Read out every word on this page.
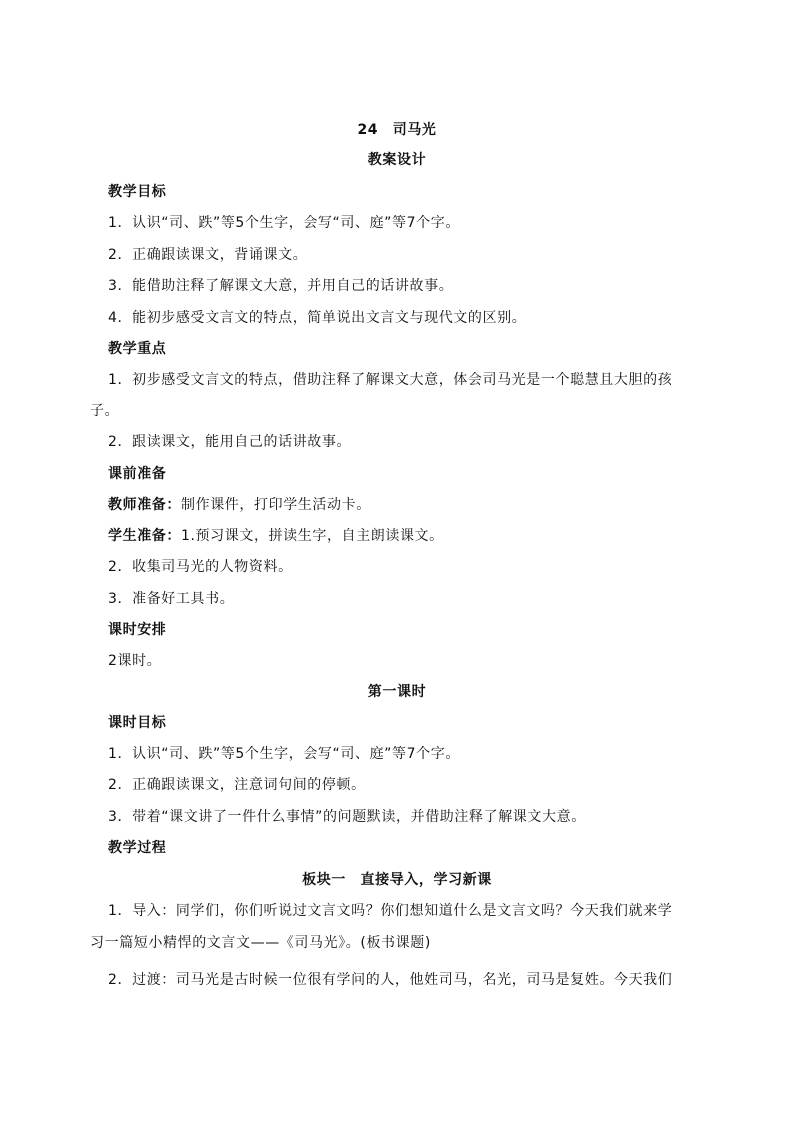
24　司马光
教案设计
教学目标
1．认识“司、跌”等5个生字，会写“司、庭”等7个字。
2．正确跟读课文，背诵课文。
3．能借助注释了解课文大意，并用自己的话讲故事。
4．能初步感受文言文的特点，简单说出文言文与现代文的区别。
教学重点
1．初步感受文言文的特点，借助注释了解课文大意，体会司马光是一个聪慧且大胆的孩
子。
2．跟读课文，能用自己的话讲故事。
课前准备
教师准备：制作课件，打印学生活动卡。
学生准备：1.预习课文，拼读生字，自主朗读课文。
2．收集司马光的人物资料。
3．准备好工具书。
课时安排
2课时。
第一课时
课时目标
1．认识“司、跌”等5个生字，会写“司、庭”等7个字。
2．正确跟读课文，注意词句间的停顿。
3．带着“课文讲了一件什么事情”的问题默读，并借助注释了解课文大意。
教学过程
板块一　直接导入，学习新课
1．导入：同学们，你们听说过文言文吗？你们想知道什么是文言文吗？今天我们就来学
习一篇短小精悍的文言文——《司马光》。(板书课题)
2．过渡：司马光是古时候一位很有学问的人，他姓司马，名光，司马是复姓。今天我们
